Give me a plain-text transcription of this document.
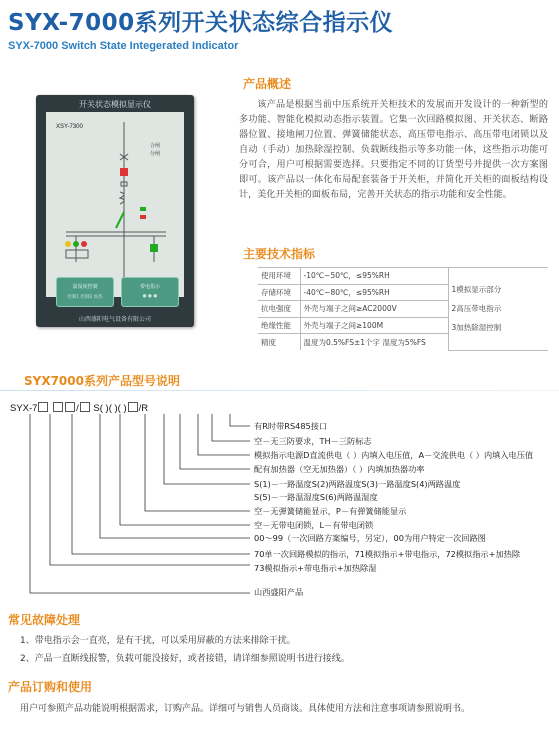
SYX-7000系列开关状态综合指示仪
SYX-7000 Switch State Integerated Indicator
开关状态模拟显示仪
XSY-7300
合闸
分闸
温湿度控制
控制1 控制2 加热
带电指示
● ● ●
山西盛阳电气设备有限公司
产品概述
该产品是根据当前中压系统开关柜技术的发展而开发设计的一种新型的多功能、智能化模拟动态指示装置。它集一次回路模拟图、开关状态、断路器位置、接地闸刀位置、弹簧储能状态、高压带电指示、高压带电闭锁以及自动（手动）加热除湿控制、负载断线指示等多功能一体，这些指示功能可分可合，用户可根据需要选择。只要指定不同的订货型号并提供一次方案图即可。该产品以一体化布局配套装备于开关柜，并简化开关柜的面板结构设计，美化开关柜的面板布局，完善开关状态的指示功能和安全性能。
主要技术指标
使用环境	-10℃~50℃，≤95%RH	1模拟显示部分
2高压带电指示
3加热除湿控制

存储环境	-40℃~80℃，≤95%RH	
抗电强度	外壳与端子之间≥AC2000V	
绝缘性能	外壳与端子之间≥100M	
精度	温度为0.5%FS±1个字 湿度为5%FS	
SYX7000系列产品型号说明
SYX-7	/ S( )( )( ) /R
有R时带RS485接口
空－无三防要求，TH－三防标志
模拟指示电源D直流供电（ ）内填入电压值，A－交流供电（ ）内填入电压值
配有加热器（空无加热器）（ ）内填加热器功率
S(1)－一路温度S(2)两路温度S(3)一路温度S(4)两路温度
S(5)－一路温湿度S(6)两路温湿度
空－无弹簧储能显示，P－有弹簧储能显示
空－无带电闭锁，L－有带电闭锁
00～99（一次回路方案编号，另定），00为用户特定一次回路图
70单一次回路模拟的指示，71模拟指示+带电指示，72模拟指示+加热除
73模拟指示+带电指示+加热除湿
山西盛阳产品
常见故障处理
1、带电指示会一直亮，是有干扰，可以采用屏蔽的方法来排除干扰。
2、产品一直断线报警，负载可能没接好，或者接错，请详细参照说明书进行接线。
产品订购和使用
用户可参照产品功能说明根据需求，订购产品。详细可与销售人员商谈。具体使用方法和注意事项请参照说明书。
